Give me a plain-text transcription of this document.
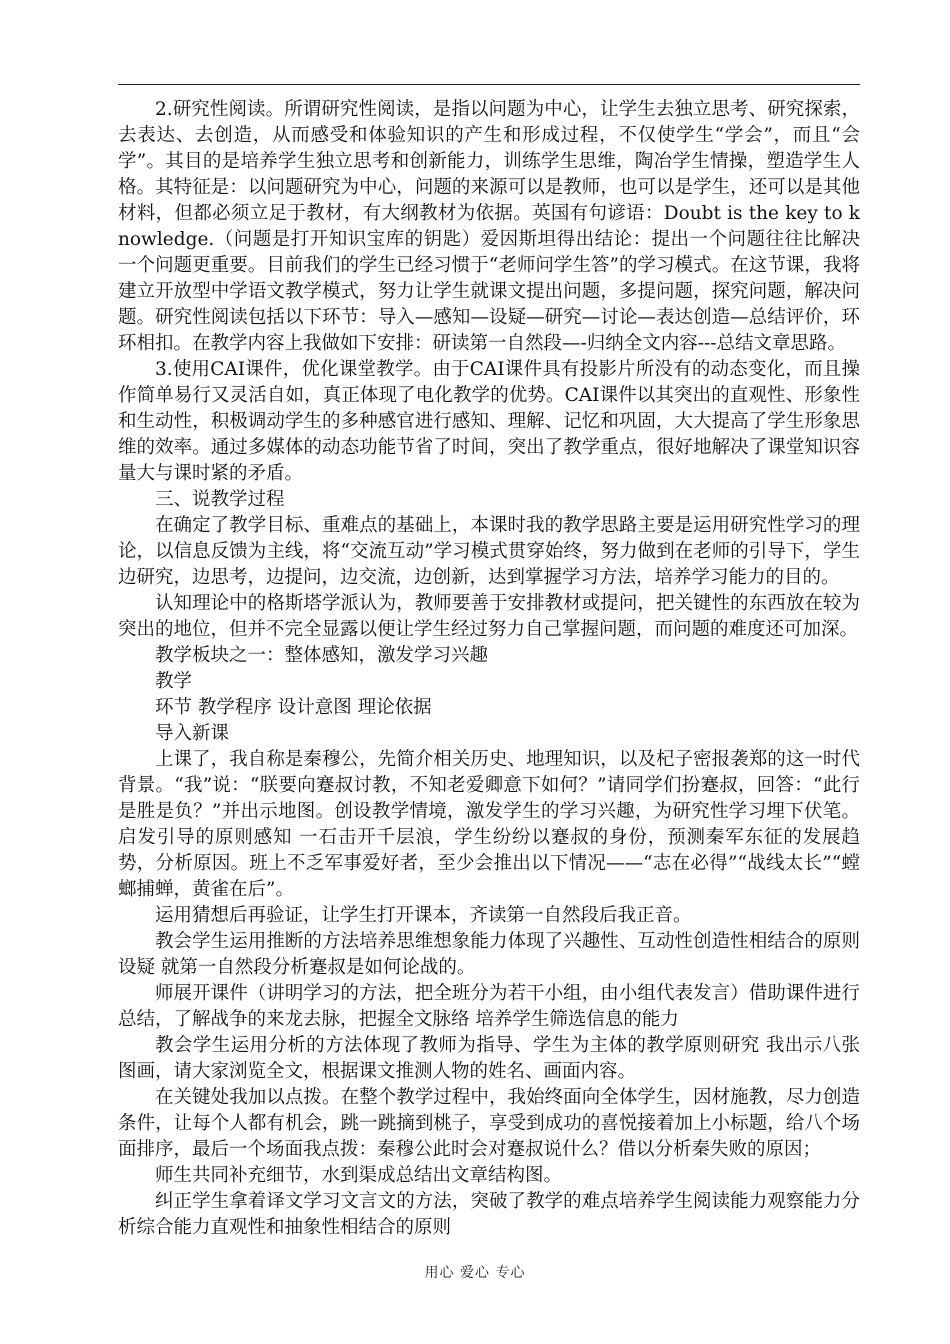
2.研究性阅读。所谓研究性阅读，是指以问题为中心，让学生去独立思考、研究探索，去表达、去创造，从而感受和体验知识的产生和形成过程，不仅使学生“学会”，而且“会学”。其目的是培养学生独立思考和创新能力，训练学生思维，陶冶学生情操，塑造学生人格。其特征是：以问题研究为中心，问题的来源可以是教师，也可以是学生，还可以是其他材料，但都必须立足于教材，有大纲教材为依据。英国有句谚语：Doubt is the key to knowledge.（问题是打开知识宝库的钥匙）爱因斯坦得出结论：提出一个问题往往比解决一个问题更重要。目前我们的学生已经习惯于“老师问学生答”的学习模式。在这节课，我将建立开放型中学语文教学模式，努力让学生就课文提出问题，多提问题，探究问题，解决问题。研究性阅读包括以下环节：导入—感知—设疑—研究—讨论—表达创造—总结评价，环环相扣。在教学内容上我做如下安排：研读第一自然段—-归纳全文内容---总结文章思路。

3.使用CAI课件，优化课堂教学。由于CAI课件具有投影片所没有的动态变化，而且操作简单易行又灵活自如，真正体现了电化教学的优势。CAI课件以其突出的直观性、形象性和生动性，积极调动学生的多种感官进行感知、理解、记忆和巩固，大大提高了学生形象思维的效率。通过多媒体的动态功能节省了时间，突出了教学重点，很好地解决了课堂知识容量大与课时紧的矛盾。

三、说教学过程

在确定了教学目标、重难点的基础上，本课时我的教学思路主要是运用研究性学习的理论，以信息反馈为主线，将“交流互动”学习模式贯穿始终，努力做到在老师的引导下，学生边研究，边思考，边提问，边交流，边创新，达到掌握学习方法，培养学习能力的目的。

认知理论中的格斯塔学派认为，教师要善于安排教材或提问，把关键性的东西放在较为突出的地位，但并不完全显露以便让学生经过努力自己掌握问题，而问题的难度还可加深。

教学板块之一：整体感知，激发学习兴趣

教学

环节 教学程序 设计意图 理论依据

导入新课

上课了，我自称是秦穆公，先简介相关历史、地理知识，以及杞子密报袭郑的这一时代背景。“我”说：“朕要向蹇叔讨教，不知老爱卿意下如何？”请同学们扮蹇叔，回答：“此行是胜是负？”并出示地图。创设教学情境，激发学生的学习兴趣，为研究性学习埋下伏笔。启发引导的原则感知 一石击开千层浪，学生纷纷以蹇叔的身份，预测秦军东征的发展趋势，分析原因。班上不乏军事爱好者，至少会推出以下情况——“志在必得”“战线太长”“螳螂捕蝉，黄雀在后”。

运用猜想后再验证，让学生打开课本，齐读第一自然段后我正音。

教会学生运用推断的方法培养思维想象能力体现了兴趣性、互动性创造性相结合的原则 设疑 就第一自然段分析蹇叔是如何论战的。

师展开课件（讲明学习的方法，把全班分为若干小组，由小组代表发言）借助课件进行总结，了解战争的来龙去脉，把握全文脉络 培养学生筛选信息的能力

教会学生运用分析的方法体现了教师为指导、学生为主体的教学原则研究 我出示八张图画，请大家浏览全文，根据课文推测人物的姓名、画面内容。

在关键处我加以点拨。在整个教学过程中，我始终面向全体学生，因材施教，尽力创造条件，让每个人都有机会，跳一跳摘到桃子，享受到成功的喜悦接着加上小标题，给八个场面排序，最后一个场面我点拨：秦穆公此时会对蹇叔说什么？借以分析秦失败的原因；

师生共同补充细节，水到渠成总结出文章结构图。

纠正学生拿着译文学习文言文的方法，突破了教学的难点培养学生阅读能力观察能力分析综合能力直观性和抽象性相结合的原则

用心 爱心 专心
